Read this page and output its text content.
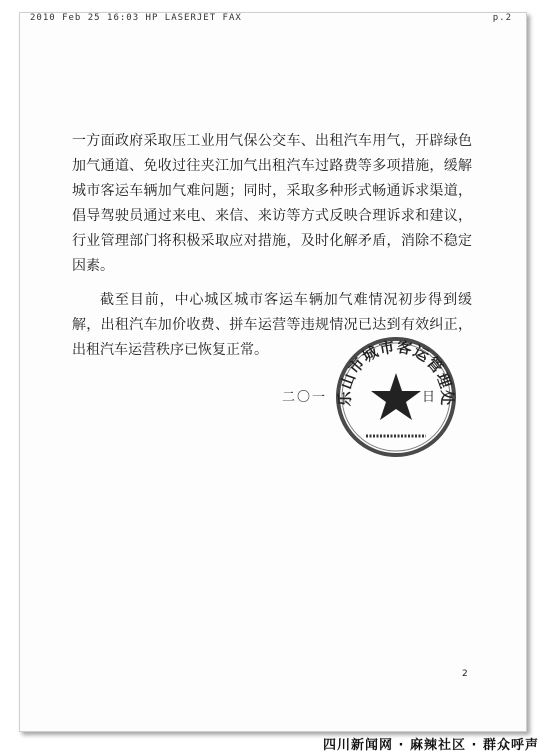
2010 Feb 25 16:03 HP LASERJET FAX	p.2

一方面政府采取压工业用气保公交车、出租汽车用气，开辟绿色加气通道、免收过往夹江加气出租汽车过路费等多项措施，缓解城市客运车辆加气难问题；同时，采取多种形式畅通诉求渠道，倡导驾驶员通过来电、来信、来访等方式反映合理诉求和建议，行业管理部门将积极采取应对措施，及时化解矛盾，消除不稳定因素。

截至目前，中心城区城市客运车辆加气难情况初步得到缓解，出租汽车加价收费、拼车运营等违规情况已达到有效纠正，出租汽车运营秩序已恢复正常。

二〇一	日
乐山市城市客运管理处
2
四川新闻网 · 麻辣社区 · 群众呼声
